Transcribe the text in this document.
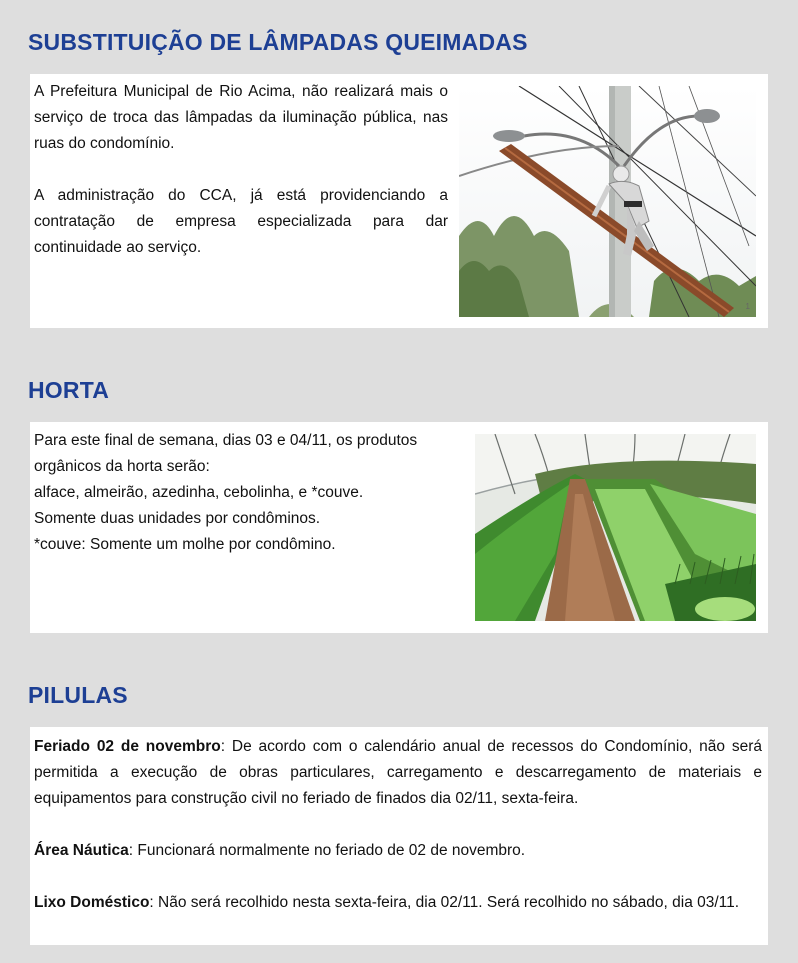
SUBSTITUIÇÃO DE LÂMPADAS QUEIMADAS

A Prefeitura Municipal de Rio Acima, não realizará mais o serviço de troca das lâmpadas da iluminação pública, nas ruas do condomínio.

A administração do CCA, já está providenciando a contratação de empresa especializada para dar continuidade ao serviço.

1
HORTA

Para este final de semana, dias 03 e 04/11, os produtos orgânicos da horta serão:

alface, almeirão, azedinha, cebolinha, e *couve.

Somente duas unidades por condôminos.

*couve: Somente um molhe por condômino.

PILULAS

Feriado 02 de novembro: De acordo com o calendário anual de recessos do Condomínio, não será permitida a execução de obras particulares, carregamento e descarregamento de materiais e equipamentos para construção civil no feriado de finados dia 02/11, sexta-feira.

Área Náutica: Funcionará normalmente no feriado de 02 de novembro.

Lixo Doméstico: Não será recolhido nesta sexta-feira, dia 02/11. Será recolhido no sábado, dia 03/11.
